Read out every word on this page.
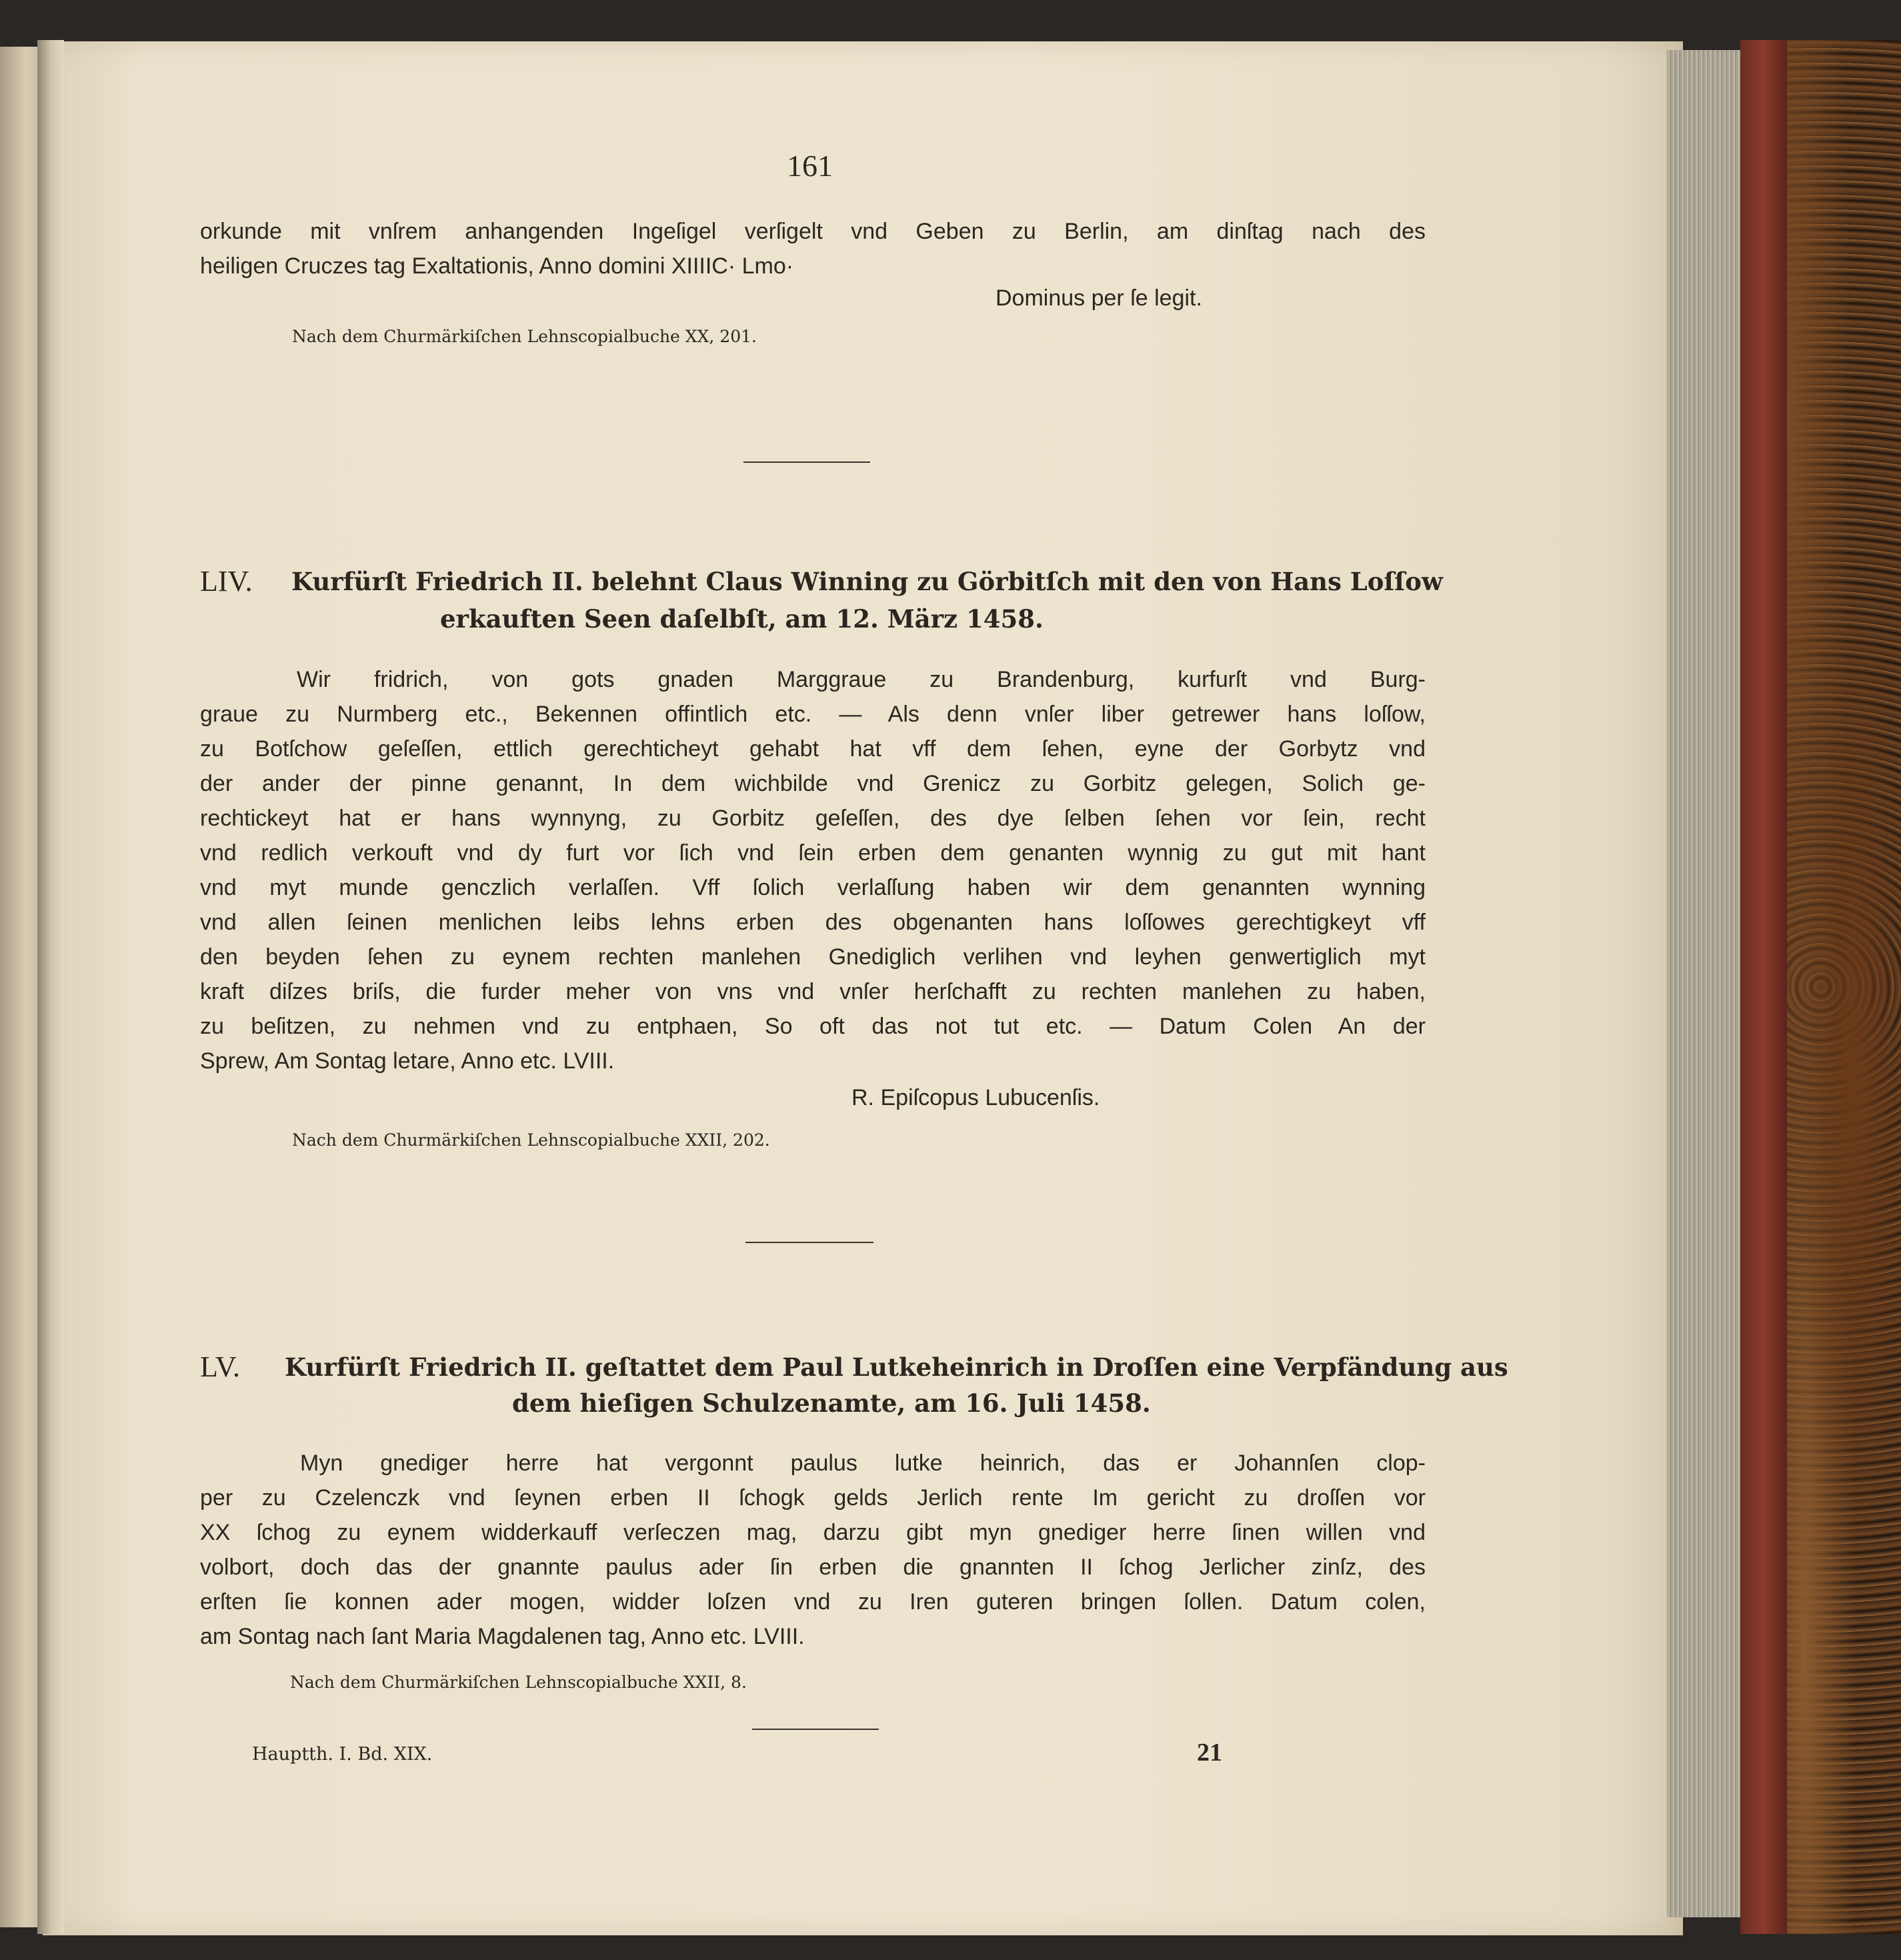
161
orkunde mit vnſrem anhangenden Ingeſigel verſigelt vnd Geben zu Berlin, am dinſtag nach des
heiligen Cruczes tag Exaltationis, Anno domini XIIIIC· Lmo·
Dominus per ſe legit.
Nach dem Churmärkiſchen Lehnscopialbuche XX, 201.
LIV. Kurfürſt Friedrich II. belehnt Claus Winning zu Görbitſch mit den von Hans Loſſow
erkauften Seen daſelbſt, am 12. März 1458.
Wir fridrich, von gots gnaden Marggraue zu Brandenburg, kurfurſt vnd Burg-
graue zu Nurmberg etc., Bekennen offintlich etc. — Als denn vnſer liber getrewer hans loſſow,
zu Botſchow geſeſſen, ettlich gerechticheyt gehabt hat vff dem ſehen, eyne der Gorbytz vnd
der ander der pinne genannt, In dem wichbilde vnd Grenicz zu Gorbitz gelegen, Solich ge-
rechtickeyt hat er hans wynnyng, zu Gorbitz geſeſſen, des dye ſelben ſehen vor ſein, recht
vnd redlich verkouft vnd dy furt vor ſich vnd ſein erben dem genanten wynnig zu gut mit hant
vnd myt munde genczlich verlaſſen. Vff ſolich verlaſſung haben wir dem genannten wynning
vnd allen ſeinen menlichen leibs lehns erben des obgenanten hans loſſowes gerechtigkeyt vff
den beyden ſehen zu eynem rechten manlehen Gnediglich verlihen vnd leyhen genwertiglich myt
kraft diſzes briſs, die furder meher von vns vnd vnſer herſchafft zu rechten manlehen zu haben,
zu beſitzen, zu nehmen vnd zu entphaen, So oft das not tut etc. — Datum Colen An der
Sprew, Am Sontag letare, Anno etc. LVIII.
R. Epiſcopus Lubucenſis.
Nach dem Churmärkiſchen Lehnscopialbuche XXII, 202.
LV. Kurfürſt Friedrich II. geſtattet dem Paul Lutkeheinrich in Droſſen eine Verpfändung aus
dem hieſigen Schulzenamte, am 16. Juli 1458.
Myn gnediger herre hat vergonnt paulus lutke heinrich, das er Johannſen clop-
per zu Czelenczk vnd ſeynen erben II ſchogk gelds Jerlich rente Im gericht zu droſſen vor
XX ſchog zu eynem widderkauff verſeczen mag, darzu gibt myn gnediger herre ſinen willen vnd
volbort, doch das der gnannte paulus ader ſin erben die gnannten II ſchog Jerlicher zinſz, des
erſten ſie konnen ader mogen, widder loſzen vnd zu Iren guteren bringen ſollen. Datum colen,
am Sontag nach ſant Maria Magdalenen tag, Anno etc. LVIII.
Nach dem Churmärkiſchen Lehnscopialbuche XXII, 8.
Hauptth. I. Bd. XIX.	21
